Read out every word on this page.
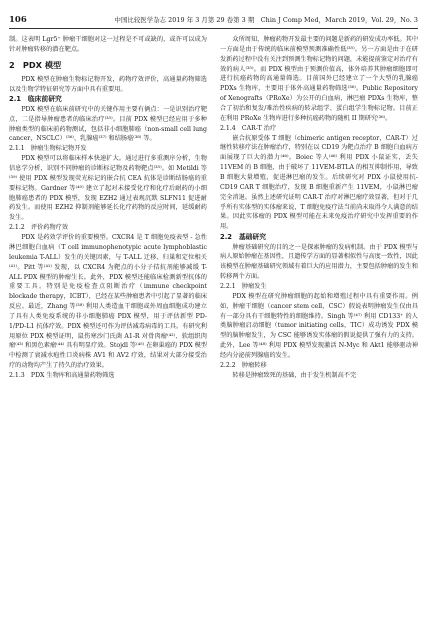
106	中国比较医学杂志 2019 年 3 月第 29 卷第 3 期　Chin J Comp Med，March 2019，Vol. 29，No. 3

制。这表明 Lgr5⁺ 肿瘤干细胞对这一过程是不可或缺的，或许可以成为针对肿瘤转移的潜在靶点。

2　PDX 模型

PDX 模型在肿瘤生物标记物开发，药物疗效评价，高通量药物筛选以及生物学特征研究等方面中具有重要用。

2.1　临床前研究

PDX 模型在临床前研究中的关键作用主要有俩点：一是识别治疗靶点，二是指导肿瘤患者的临床治疗⁽³⁵⁾。目前 PDX 模型已经应用于多种肿瘤类型的临床前药物测试，包括非小细胞肺癌（non-small cell lung cancer，NSCLC）⁽³⁶⁾、乳腺癌⁽³⁷⁾ 和结肠癌⁽³⁸⁾ 等。

2.1.1　肿瘤生物标记物开发

PDX 模型可以将临床样本快速扩大。通过进行多重测序分析，生物信息学分析，识别不同肿瘤的诊断标记物及药物靶点⁽³⁵⁾。如 Metildi 等⁽³⁹⁾ 使用 PDX 模型发现荧光标记的嵌合抗 CEA 抗体是诊断结肠癌的重要标记物。Gardner 等⁽⁴⁰⁾ 建立了起对未接受化疗和化疗后耐药的小细胞肺癌患者的 PDX 模型，发现 EZH2 通过表观沉默 SLFN11 促进耐药发生。而使用 EZH2 抑制剂能够延长化疗药物的反应时间，延缓耐药发生。

2.1.2　评价药物疗效

PDX 是药效学评价的重要模型。CXCR4 是 T 细胞免疫表型 - 急性淋巴细胞白血病（T cell immunophenotypic acute lymphoblastic leukemia T-ALL）发生的关键因素，与 T-ALL 迁移、归巢和定位相关⁽⁴¹⁾。Pitt 等⁽⁴¹⁾ 发现，以 CXCR4 为靶点的小分子拮抗剂能够减缓 T-ALL PDX 模型的肿瘤生长。此外，PDX 模型还能临床检测新型抗体的重要工具。特别是免疫检查点阻断治疗（immune checkpoint blockade therapy，ICBT），已经在某些肿瘤患者中引起了显著的临床反应。最近，Zhang 等⁽³⁸⁾ 利用人类造血干细胞或外周血细胞成功建立了具有人类免疫系统的非小细胞肺癌 PDX 模型，用于评估新型 PD-1/PD-L1 抗体疗效。PDX 模型还可作为评估减毒病毒的工具。有研究利用原位 PDX 模型证明，鼠伤寒沙门氏菌 A1-R 对骨肉瘤⁽⁴²⁾、软组织肉瘤⁽⁴³⁾ 和黑色素瘤⁽⁴⁴⁾ 具有明显疗效。Stojdl 等⁽⁴⁵⁾ 在卵巢癌的 PDX 模型中检测了衰减水疱性口炎病株 AV1 和 AV2 疗效，结果对大部分接受治疗的动物均产生了持久的治疗效果。

2.1.3　PDX 生物库和高通量药物筛选

众所周知，肿瘤药物开发最主要的问题是新药的研发成功率低。其中一方面是由于传统的临床前模型预测准确性低⁽³⁵⁾。另一方面是由于在研发新药过程中没有关注到预测生物标记物的问题，未能提前鉴定对治疗有效的病人⁽³⁵⁾。而 PDX 模型由于预测价值高，体外培养其肿瘤细胞即可进行抗癌药物的高通量筛选。目前国外已经建立了一个大型的乳腺癌 PDXs 生物库，主要用于体外高通量药物筛选⁽³⁶⁾。Public Repository of Xenografts（PRoXe）为公开的白血病，淋巴瘤 PDXs 生物库，整合了初治和复发/难治性疾病的转录组学、蛋白组学生物标记物。目前正在利用 PRoXe 生物库进行多种抗癌药物的随机 II 期研究⁽³⁶⁾。

2.1.4　CAR-T 治疗

嵌合抗原受体 T 细胞（chimeric antigen receptor，CAR-T）过继性转移疗法在肿瘤治疗，特别在以 CD19 为靶点治疗 B 细胞白血病方面展现了巨大的潜力⁽⁴⁶⁾。Boiec 等人⁽⁴⁶⁾ 利用 PDX 小鼠证实，丢失 11VEM 的 B 细胞，由于破坏了 11VEM-BTLA 的相互抑制作用，导致 B 细胞大量增殖，促进淋巴瘤的发生。后续研究对 PDX 小鼠使用抗-CD19 CAR T 细胞治疗，发现 B 细胞重新产生 11VEM，小鼠淋巴瘤完全消退。虽然上述研究证明 CAR-T 治疗对淋巴瘤疗效显著，但对于几乎所有实体型的实体瘤来说，T 细胞免疫疗法当前尚未取得令人满意的结果。因此实体瘤的 PDX 模型可能在未来免疫治疗研究中发挥重要的作用。

2.2　基础研究

肿瘤基础研究的目的之一是探索肿瘤的发病机制。由于 PDX 模型与病人原始肿瘤在基因性，且遗传学方面的显著相似性与高度一致性，因此该模型在肿瘤基础研究领域有着巨大的应用潜力，主要包括肿瘤的发生和转移两个方面。

2.2.1　肿瘤发生

PDX 模型在研究肿瘤细胞的起始和增殖过程中具有重要作用。例如，肿瘤干细胞（cancer stem cell，CSC）假说表明肿瘤发生仅由具有一部分具有干细胞特性的细胞维持。Singh 等⁽⁴⁷⁾ 利用 CD133⁺ 的人类脑肿瘤启动细胞（tumor initiating cells，TIC）成功诱发 PDX 模型的脑肿瘤发生，为 CSC 能够诱发实体瘤的假说提供了强有力的支持。此外，Lee 等⁽⁴⁸⁾ 利用 PDX 模型发现激活 N-Myc 和 Akt1 能够驱动神经内分泌前列腺癌的发生。

2.2.2　肿瘤转移

转移是肿瘤致死的基础，由于发生机制高不完
